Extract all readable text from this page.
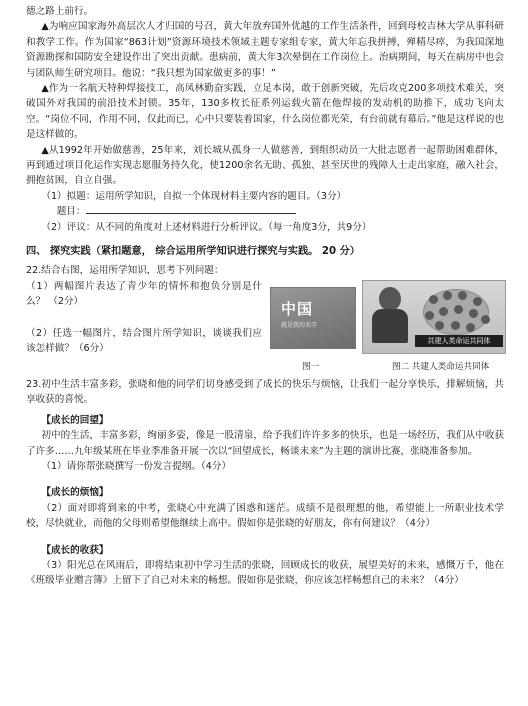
德之路上前行。

▲为响应国家海外高层次人才归国的号召，黄大年放弃国外优越的工作生活条件，回到母校吉林大学从事科研和教学工作。作为国家“863计划”资源环境技术领域主题专家组专家，黄大年忘我拼搏，殚精尽瘁，为我国深地资源勘探和国防安全建设作出了突出贡献。患病前，黄大年3次晕倒在工作岗位上。治病期间，每天在病房中也会与团队师生研究项目。他说：“我只想为国家做更多的事！”

▲作为一名航天特种焊接技工，高凤林勤奋实践，立足本岗，敢于创新突破，先后攻克200多项技术难关，突破国外对我国的前沿技术封锁。35年，130多枚长征系列运载火箭在他焊接的发动机的助推下，成功飞向太空。“岗位不同，作用不同，仅此而已，心中只要装着国家，什么岗位都光荣，有台前就有幕后。”他是这样说的也是这样做的。

▲从1992年开始做慈善，25年来，刘长城从孤身一人做慈善，到组织动员一大批志愿者一起帮助困难群体，再到通过项目化运作实现志愿服务持久化，使1200余名无助、孤独、甚至厌世的残障人士走出家庭，融入社会，拥抱贫困，自立自强。

（1）拟题：运用所学知识，自拟一个体现材料主要内容的题目。（3分）

题目：

（2）评议：从不同的角度对上述材料进行分析评议。（每一角度3分，共9分）

四、 探究实践（紧扣题意， 综合运用所学知识进行探究与实践。 20 分）

22.结合右图，运用所学知识，思考下列问题：

（1）两幅图片表达了青少年的情怀和抱负分别是什么？ （2分）

（2）任选一幅图片，结合图片所学知识，谈谈我们应该怎样做？（6分）

中国
就是我的名字
共建人类命运共同体
图一	图二 共建人类命运共同体

23.初中生活丰富多彩，张晓和他的同学们切身感受到了成长的快乐与烦恼，让我们一起分享快乐，排解烦恼，共享收获的喜悦。

【成长的回望】

初中的生活，丰富多彩，绚丽多姿，像是一股清泉，给予我们许许多多的快乐，也是一场经历，我们从中收获了许多……九年级某班在毕业季准备开展一次以“回望成长，畅谈未来”为主题的演讲比赛，张晓准备参加。

（1）请你帮张晓撰写一份发言提纲。（4分）

【成长的烦恼】

（2）面对即将到来的中考，张晓心中充满了困惑和迷茫。成绩不是很理想的他，希望能上一所职业技术学校，尽快就业，而他的父母则希望他继续上高中。假如你是张晓的好朋友，你有何建议？（4分）

【成长的收获】

（3）阳光总在风雨后，即将结束初中学习生活的张晓，回顾成长的收获，展望美好的未来，感慨万千，他在《班级毕业赠言簿》上留下了自己对未来的畅想。假如你是张晓，你应该怎样畅想自己的未来？（4分）
